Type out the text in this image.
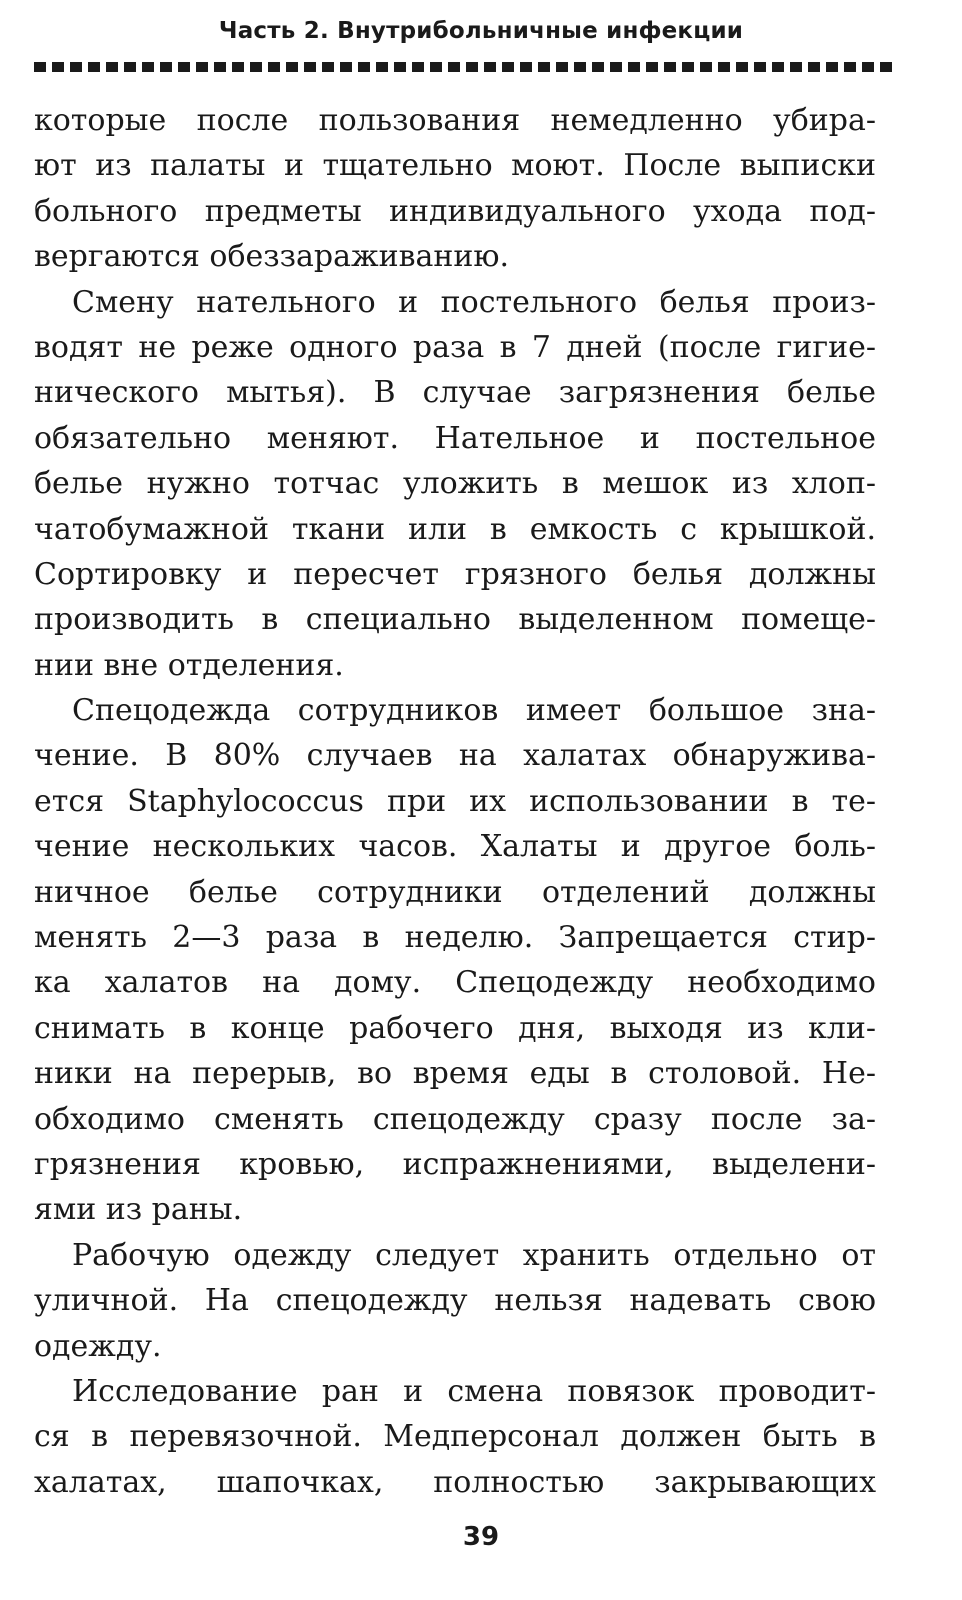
Часть 2. Внутрибольничные инфекции
которые после пользования немедленно убира-
ют из палаты и тщательно моют. После выписки
больного предметы индивидуального ухода под-
вергаются обеззараживанию.
Смену нательного и постельного белья произ-
водят не реже одного раза в 7 дней (после гигие-
нического мытья). В случае загрязнения белье
обязательно меняют. Нательное и постельное
белье нужно тотчас уложить в мешок из хлоп-
чатобумажной ткани или в емкость с крышкой.
Сортировку и пересчет грязного белья должны
производить в специально выделенном помеще-
нии вне отделения.
Спецодежда сотрудников имеет большое зна-
чение. В 80% случаев на халатах обнаружива-
ется Staphylococcus при их использовании в те-
чение нескольких часов. Халаты и другое боль-
ничное белье сотрудники отделений должны
менять 2—3 раза в неделю. Запрещается стир-
ка халатов на дому. Спецодежду необходимо
снимать в конце рабочего дня, выходя из кли-
ники на перерыв, во время еды в столовой. Не-
обходимо сменять спецодежду сразу после за-
грязнения кровью, испражнениями, выделени-
ями из раны.
Рабочую одежду следует хранить отдельно от
уличной. На спецодежду нельзя надевать свою
одежду.
Исследование ран и смена повязок проводит-
ся в перевязочной. Медперсонал должен быть в
халатах, шапочках, полностью закрывающих
39
